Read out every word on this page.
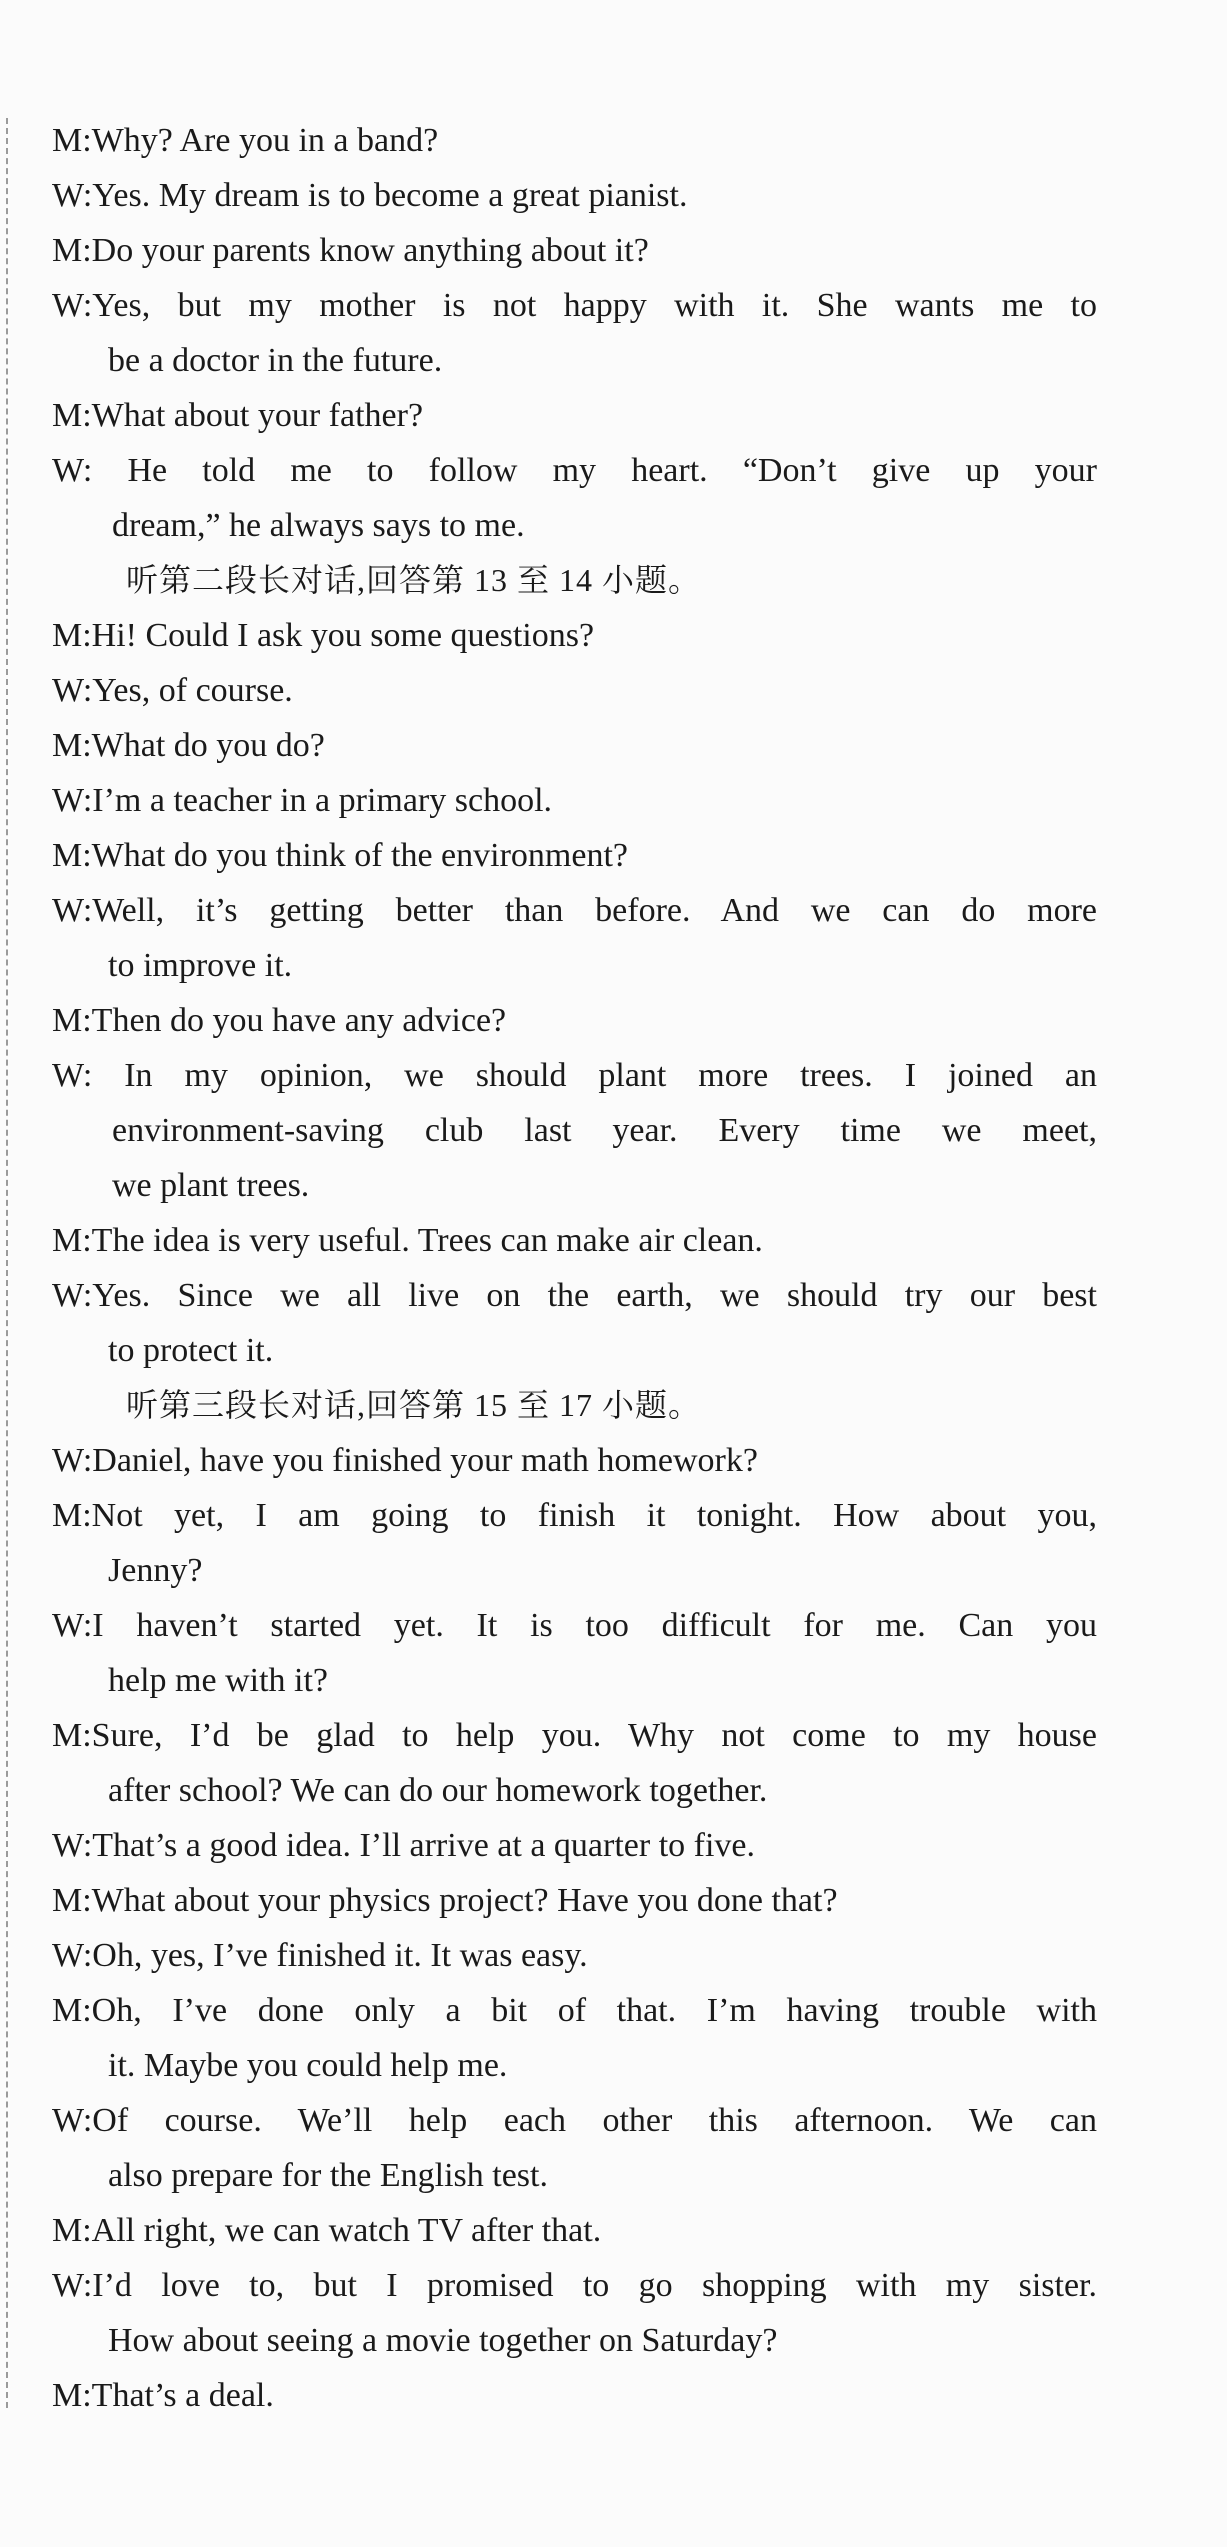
M:Why? Are you in a band?
W:Yes. My dream is to become a great pianist.
M:Do your parents know anything about it?
W:Yes, but my mother is not happy with it. She wants me to
be a doctor in the future.
M:What about your father?
W: He told me to follow my heart. “Don’t give up your
dream,” he always says to me.
听第二段长对话,回答第 13 至 14 小题。
M:Hi! Could I ask you some questions?
W:Yes, of course.
M:What do you do?
W:I’m a teacher in a primary school.
M:What do you think of the environment?
W:Well, it’s getting better than before. And we can do more
to improve it.
M:Then do you have any advice?
W: In my opinion, we should plant more trees. I joined an
environment-saving club last year. Every time we meet,
we plant trees.
M:The idea is very useful. Trees can make air clean.
W:Yes. Since we all live on the earth, we should try our best
to protect it.
听第三段长对话,回答第 15 至 17 小题。
W:Daniel, have you finished your math homework?
M:Not yet, I am going to finish it tonight. How about you,
Jenny?
W:I haven’t started yet. It is too difficult for me. Can you
help me with it?
M:Sure, I’d be glad to help you. Why not come to my house
after school? We can do our homework together.
W:That’s a good idea. I’ll arrive at a quarter to five.
M:What about your physics project? Have you done that?
W:Oh, yes, I’ve finished it. It was easy.
M:Oh, I’ve done only a bit of that. I’m having trouble with
it. Maybe you could help me.
W:Of course. We’ll help each other this afternoon. We can
also prepare for the English test.
M:All right, we can watch TV after that.
W:I’d love to, but I promised to go shopping with my sister.
How about seeing a movie together on Saturday?
M:That’s a deal.
